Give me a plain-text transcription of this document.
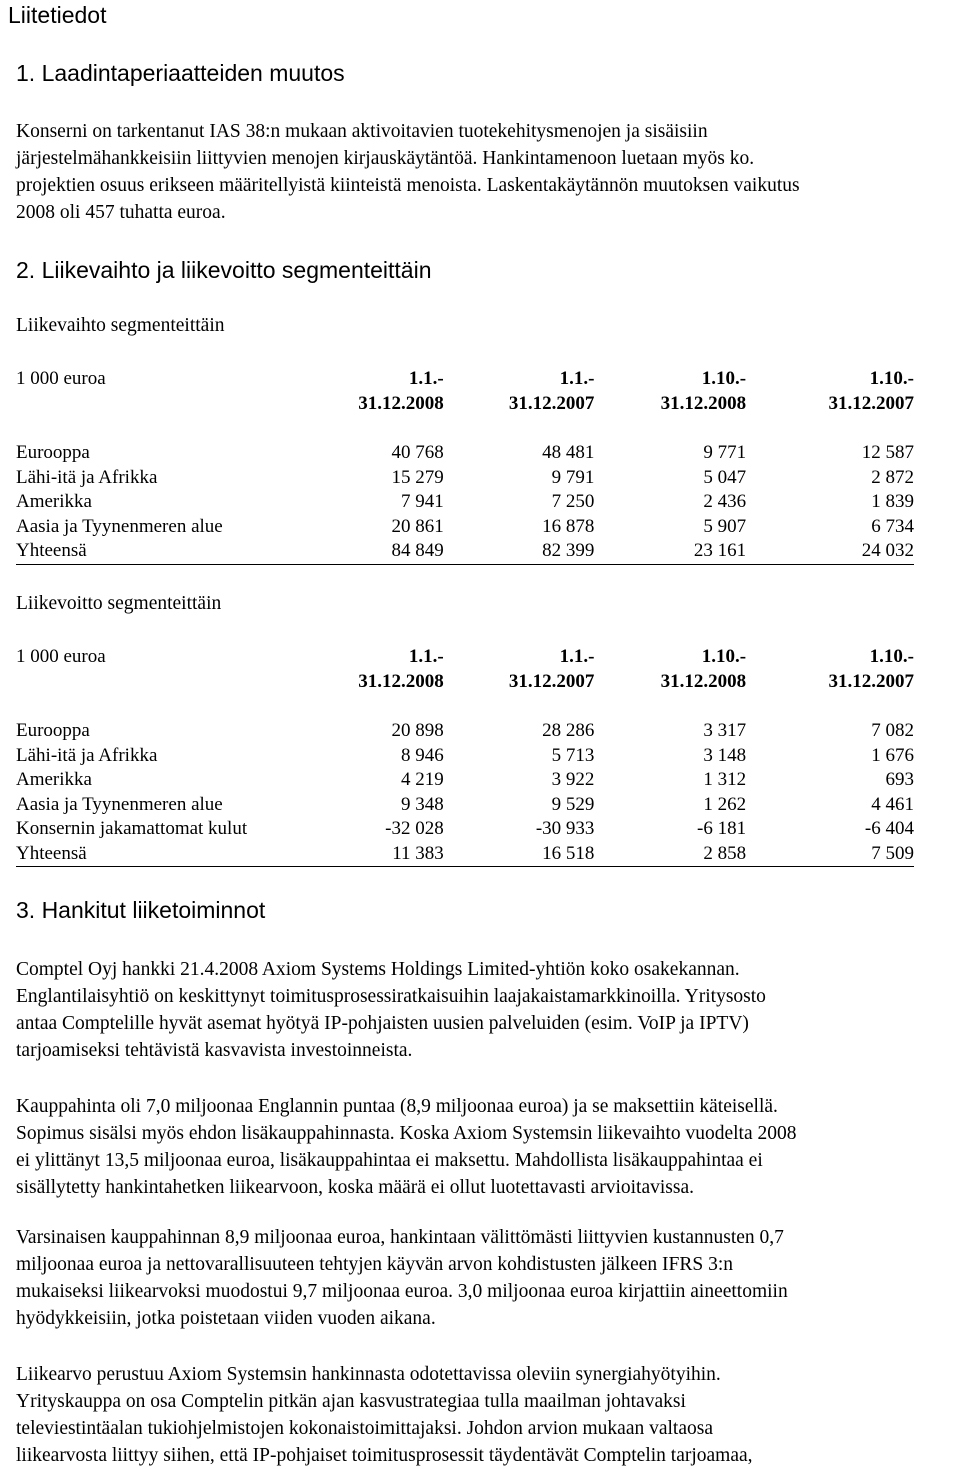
Liitetiedot
1. Laadintaperiaatteiden muutos
Konserni on tarkentanut IAS 38:n mukaan aktivoitavien tuotekehitysmenojen ja sisäisiin
järjestelmähankkeisiin liittyvien menojen kirjauskäytäntöä. Hankintamenoon luetaan myös ko.
projektien osuus erikseen määritellyistä kiinteistä menoista. Laskentakäytännön muutoksen vaikutus
2008 oli 457 tuhatta euroa.
2. Liikevaihto ja liikevoitto segmenteittäin
Liikevaihto segmenteittäin
1 000 euroa	1.1.-	1.1.-	1.10.-	1.10.-
	31.12.2008	31.12.2007	31.12.2008	31.12.2007

Eurooppa	40 768	48 481	9 771	12 587
Lähi-itä ja Afrikka	15 279	9 791	5 047	2 872
Amerikka	7 941	7 250	2 436	1 839
Aasia ja Tyynenmeren alue	20 861	16 878	5 907	6 734
Yhteensä	84 849	82 399	23 161	24 032
Liikevoitto segmenteittäin
1 000 euroa	1.1.-	1.1.-	1.10.-	1.10.-
	31.12.2008	31.12.2007	31.12.2008	31.12.2007

Eurooppa	20 898	28 286	3 317	7 082
Lähi-itä ja Afrikka	8 946	5 713	3 148	1 676
Amerikka	4 219	3 922	1 312	693
Aasia ja Tyynenmeren alue	9 348	9 529	1 262	4 461
Konsernin jakamattomat kulut	-32 028	-30 933	-6 181	-6 404
Yhteensä	11 383	16 518	2 858	7 509
3. Hankitut liiketoiminnot
Comptel Oyj hankki 21.4.2008 Axiom Systems Holdings Limited-yhtiön koko osakekannan.
Englantilaisyhtiö on keskittynyt toimitusprosessiratkaisuihin laajakaistamarkkinoilla. Yritysosto
antaa Comptelille hyvät asemat hyötyä IP-pohjaisten uusien palveluiden (esim. VoIP ja IPTV)
tarjoamiseksi tehtävistä kasvavista investoinneista.
Kauppahinta oli 7,0 miljoonaa Englannin puntaa (8,9 miljoonaa euroa) ja se maksettiin käteisellä.
Sopimus sisälsi myös ehdon lisäkauppahinnasta. Koska Axiom Systemsin liikevaihto vuodelta 2008
ei ylittänyt 13,5 miljoonaa euroa, lisäkauppahintaa ei maksettu. Mahdollista lisäkauppahintaa ei
sisällytetty hankintahetken liikearvoon, koska määrä ei ollut luotettavasti arvioitavissa.
Varsinaisen kauppahinnan 8,9 miljoonaa euroa, hankintaan välittömästi liittyvien kustannusten 0,7
miljoonaa euroa ja nettovarallisuuteen tehtyjen käyvän arvon kohdistusten jälkeen IFRS 3:n
mukaiseksi liikearvoksi muodostui 9,7 miljoonaa euroa. 3,0 miljoonaa euroa kirjattiin aineettomiin
hyödykkeisiin, jotka poistetaan viiden vuoden aikana.
Liikearvo perustuu Axiom Systemsin hankinnasta odotettavissa oleviin synergiahyötyihin.
Yrityskauppa on osa Comptelin pitkän ajan kasvustrategiaa tulla maailman johtavaksi
televiestintäalan tukiohjelmistojen kokonaistoimittajaksi. Johdon arvion mukaan valtaosa
liikearvosta liittyy siihen, että IP-pohjaiset toimitusprosessit täydentävät Comptelin tarjoamaa,
